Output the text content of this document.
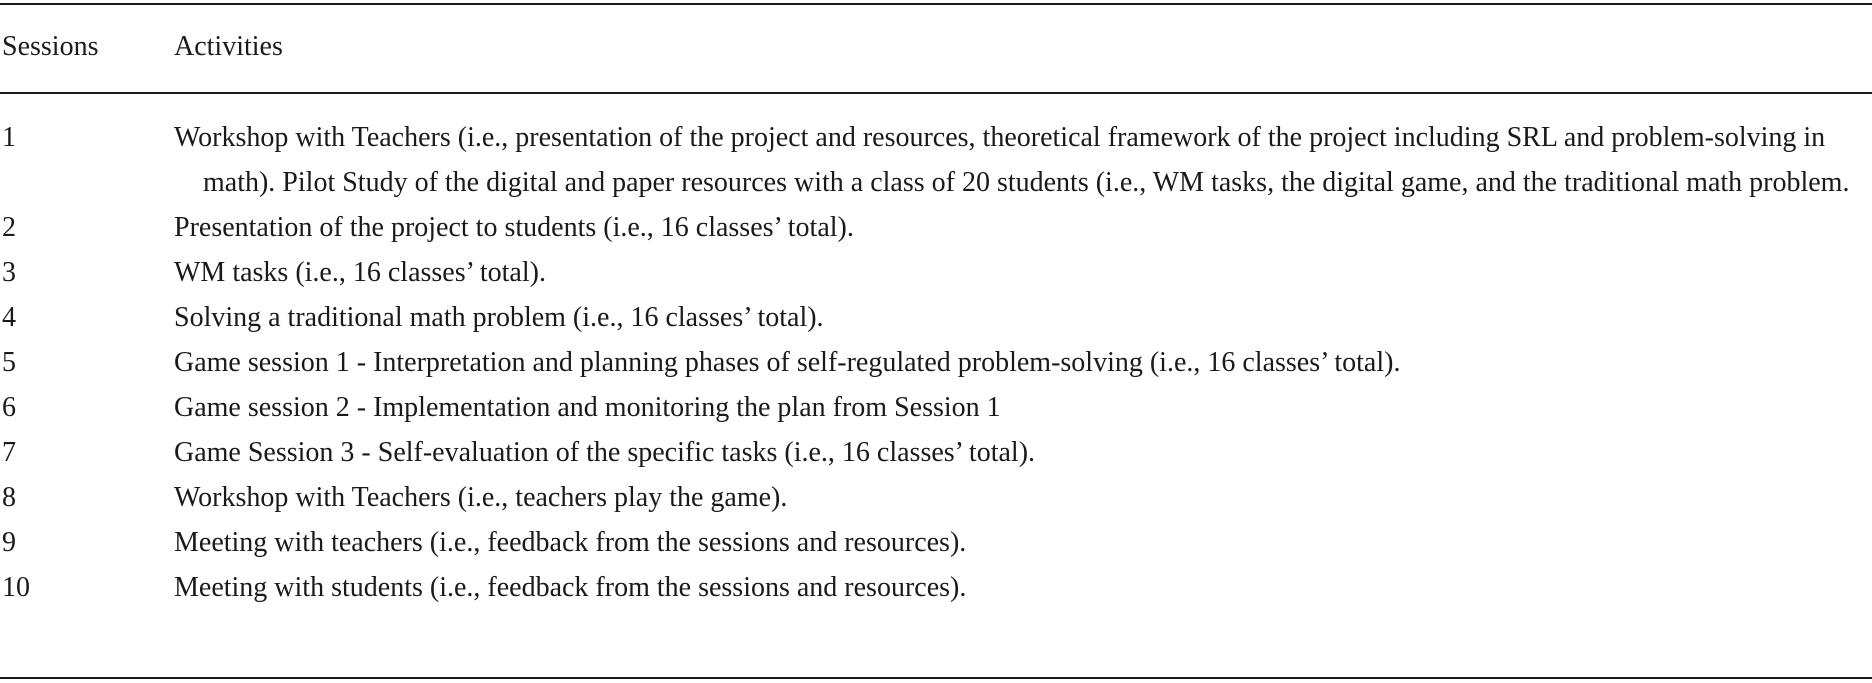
Sessions	Activities
1	Workshop with Teachers (i.e., presentation of the project and resources, theoretical framework of the project including SRL and problem-solving in math). Pilot Study of the digital and paper resources with a class of 20 students (i.e., WM tasks, the digital game, and the traditional math problem.
2	Presentation of the project to students (i.e., 16 classes’ total).
3	WM tasks (i.e., 16 classes’ total).
4	Solving a traditional math problem (i.e., 16 classes’ total).
5	Game session 1 - Interpretation and planning phases of self-regulated problem-solving (i.e., 16 classes’ total).
6	Game session 2 - Implementation and monitoring the plan from Session 1
7	Game Session 3 - Self-evaluation of the specific tasks (i.e., 16 classes’ total).
8	Workshop with Teachers (i.e., teachers play the game).
9	Meeting with teachers (i.e., feedback from the sessions and resources).
10	Meeting with students (i.e., feedback from the sessions and resources).
